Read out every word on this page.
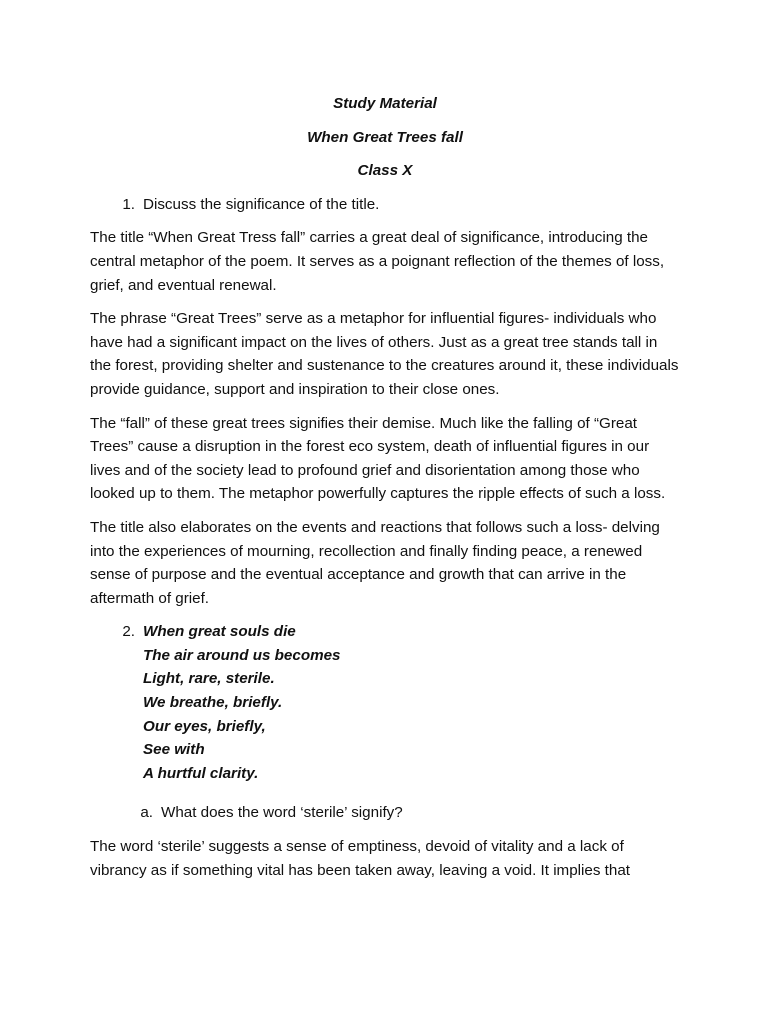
Study Material
When Great Trees fall
Class X
1. Discuss the significance of the title.

The title “When Great Tress fall” carries a great deal of significance, introducing the central metaphor of the poem. It serves as a poignant reflection of the themes of loss, grief, and eventual renewal.

The phrase “Great Trees” serve as a metaphor for influential figures- individuals who have had a significant impact on the lives of others. Just as a great tree stands tall in the forest, providing shelter and sustenance to the creatures around it, these individuals provide guidance, support and inspiration to their close ones.

The “fall” of these great trees signifies their demise. Much like the falling of “Great Trees” cause a disruption in the forest eco system, death of influential figures in our lives and of the society lead to profound grief and disorientation among those who looked up to them. The metaphor powerfully captures the ripple effects of such a loss.

The title also elaborates on the events and reactions that follows such a loss- delving into the experiences of mourning, recollection and finally finding peace, a renewed sense of purpose and the eventual acceptance and growth that can arrive in the aftermath of grief.

2. When great souls die
The air around us becomes
Light, rare, sterile.
We breathe, briefly.
Our eyes, briefly,
See with
A hurtful clarity.
a. What does the word ‘sterile’ signify?

The word ‘sterile’ suggests a sense of emptiness, devoid of vitality and a lack of vibrancy as if something vital has been taken away, leaving a void. It implies that
